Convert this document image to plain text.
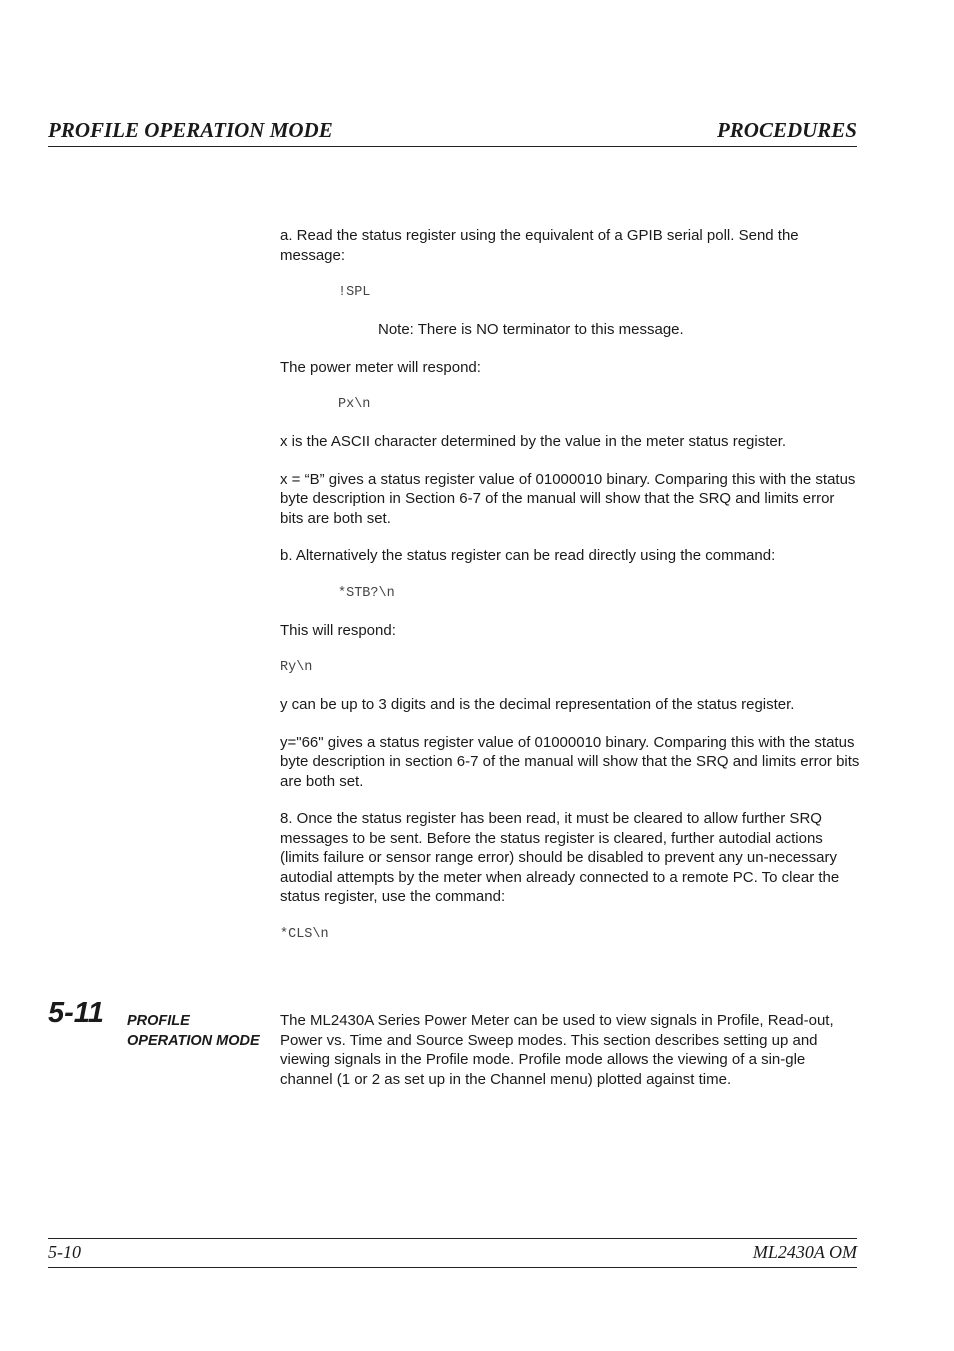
PROFILE OPERATION MODE	PROCEDURES

a. Read the status register using the equivalent of a GPIB serial poll. Send the message:

!SPL

Note: There is NO terminator to this message.

The power meter will respond:

Px\n

x is the ASCII character determined by the value in the meter status register.

x = “B” gives a status register value of 01000010 binary. Comparing this with the status byte description in Section 6-7 of the manual will show that the SRQ and limits error bits are both set.

b. Alternatively the status register can be read directly using the command:

*STB?\n

This will respond:

Ry\n

y can be up to 3 digits and is the decimal representation of the status register.

y="66" gives a status register value of 01000010 binary. Comparing this with the status byte description in section 6-7 of the manual will show that the SRQ and limits error bits are both set.

8. Once the status register has been read, it must be cleared to allow further SRQ messages to be sent. Before the status register is cleared, further autodial actions (limits failure or sensor range error) should be disabled to prevent any un-necessary autodial attempts by the meter when already connected to a remote PC. To clear the status register, use the command:

*CLS\n
5-11 PROFILE
OPERATION MODE

The ML2430A Series Power Meter can be used to view signals in Profile, Read-out, Power vs. Time and Source Sweep modes. This section describes setting up and viewing signals in the Profile mode. Profile mode allows the viewing of a sin-gle channel (1 or 2 as set up in the Channel menu) plotted against time.

5-10	ML2430A OM
